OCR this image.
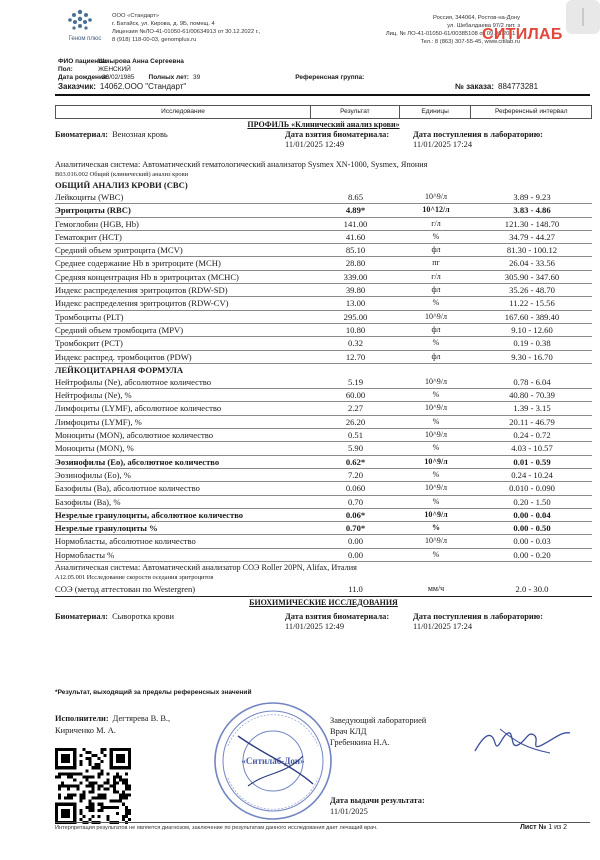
Геном плюс
ООО «Стандарт»
г. Батайск, ул. Кирова, д. 9Б, помещ. 4
Лицензия №ЛО-41-01050-61/00634913 от 30.12.2022 г.,
8 (918) 118-00-03, genomplus.ru
Россия, 344064, Ростов-на-Дону
ул. Шебалдаева 97/2 лит. з
Лиц. № ЛО-41-01050-61/00385108 от 09.06.2011 г.
Тел.: 8 (863) 307-55-45, www.citilab.ru
СИТИЛАБ
ФИО пациента:
Шмырова Анна Сергеевна
Пол:	ЖЕНСКИЙ
Дата рождения:
26/02/1985 Полных лет: 39	Референсная группа:
Заказчик: 14062.ООО "Стандарт"	№ заказа: 884773281
Исследование	Результат	Единицы	Референсный интервал
ПРОФИЛЬ «Клинический анализ крови»
Биоматериал: Венозная кровь	Дата взятия биоматериала:
11/01/2025 12:49
Дата поступления в лабораторию:
11/01/2025 17:24
Аналитическая система: Автоматический гематологический анализатор Sysmex XN-1000, Sysmex, Япония
B03.016.002 Общий (клинический) анализ крови
ОБЩИЙ АНАЛИЗ КРОВИ (CBC)
Лейкоциты (WBC)	8.65	10^9/л	3.89 - 9.23
Эритроциты (RBC)	4.89*	10^12/л	3.83 - 4.86
Гемоглобин (HGB, Hb)	141.00	г/л	121.30 - 148.70
Гематокрит (HCT)	41.60	%	34.79 - 44.27
Средний объем эритроцита (MCV)	85.10	фл	81.30 - 100.12
Среднее содержание Hb в эритроците (MCH)	28.80	пг	26.04 - 33.56
Средняя концентрация Hb в эритроцитах (MCHC)	339.00	г/л	305.90 - 347.60
Индекс распределения эритроцитов (RDW-SD)	39.80	фл	35.26 - 48.70
Индекс распределения эритроцитов (RDW-CV)	13.00	%	11.22 - 15.56
Тромбоциты (PLT)	295.00	10^9/л	167.60 - 389.40
Средний объем тромбоцита (MPV)	10.80	фл	9.10 - 12.60
Тромбокрит (PCT)	0.32	%	0.19 - 0.38
Индекс распред. тромбоцитов (PDW)	12.70	фл	9.30 - 16.70
ЛЕЙКОЦИТАРНАЯ ФОРМУЛА
Нейтрофилы (Ne), абсолютное количество	5.19	10^9/л	0.78 - 6.04
Нейтрофилы (Ne), %	60.00	%	40.80 - 70.39
Лимфоциты (LYMF), абсолютное количество	2.27	10^9/л	1.39 - 3.15
Лимфоциты (LYMF), %	26.20	%	20.11 - 46.79
Моноциты (MON), абсолютное количество	0.51	10^9/л	0.24 - 0.72
Моноциты (MON), %	5.90	%	4.03 - 10.57
Эозинофилы (Eo), абсолютное количество	0.62*	10^9/л	0.01 - 0.59
Эозинофилы (Eo), %	7.20	%	0.24 - 10.24
Базофилы (Ba), абсолютное количество	0.060	10^9/л	0.010 - 0.090
Базофилы (Ba), %	0.70	%	0.20 - 1.50
Незрелые гранулоциты, абсолютное количество	0.06*	10^9/л	0.00 - 0.04
Незрелые гранулоциты %	0.70*	%	0.00 - 0.50
Нормобласты, абсолютное количество	0.00	10^9/л	0.00 - 0.03
Нормобласты %	0.00	%	0.00 - 0.20
Аналитическая система: Автоматический анализатор СОЭ Roller 20PN, Alifax, Италия
A12.05.001 Исследование скорости оседания эритроцитов
СОЭ (метод аттестован по Westergren)	11.0	мм/ч	2.0 - 30.0
БИОХИМИЧЕСКИЕ ИССЛЕДОВАНИЯ
Биоматериал: Сыворотка крови	Дата взятия биоматериала:
11/01/2025 12:49
Дата поступления в лабораторию:
11/01/2025 17:24
*Результат, выходящий за пределы референсных значений
Исполнители: Дегтярева В. В.,
Кириченко М. А.
«Ситилаб-Дон»
Заведующий лабораторией
Врач КЛД
Гребенкина Н.А.
Дата выдачи результата:
11/01/2025
Интерпретация результатов не является диагнозом, заключение по результатам данного исследования дает лечащий врач.	Лист № 1 из 2
